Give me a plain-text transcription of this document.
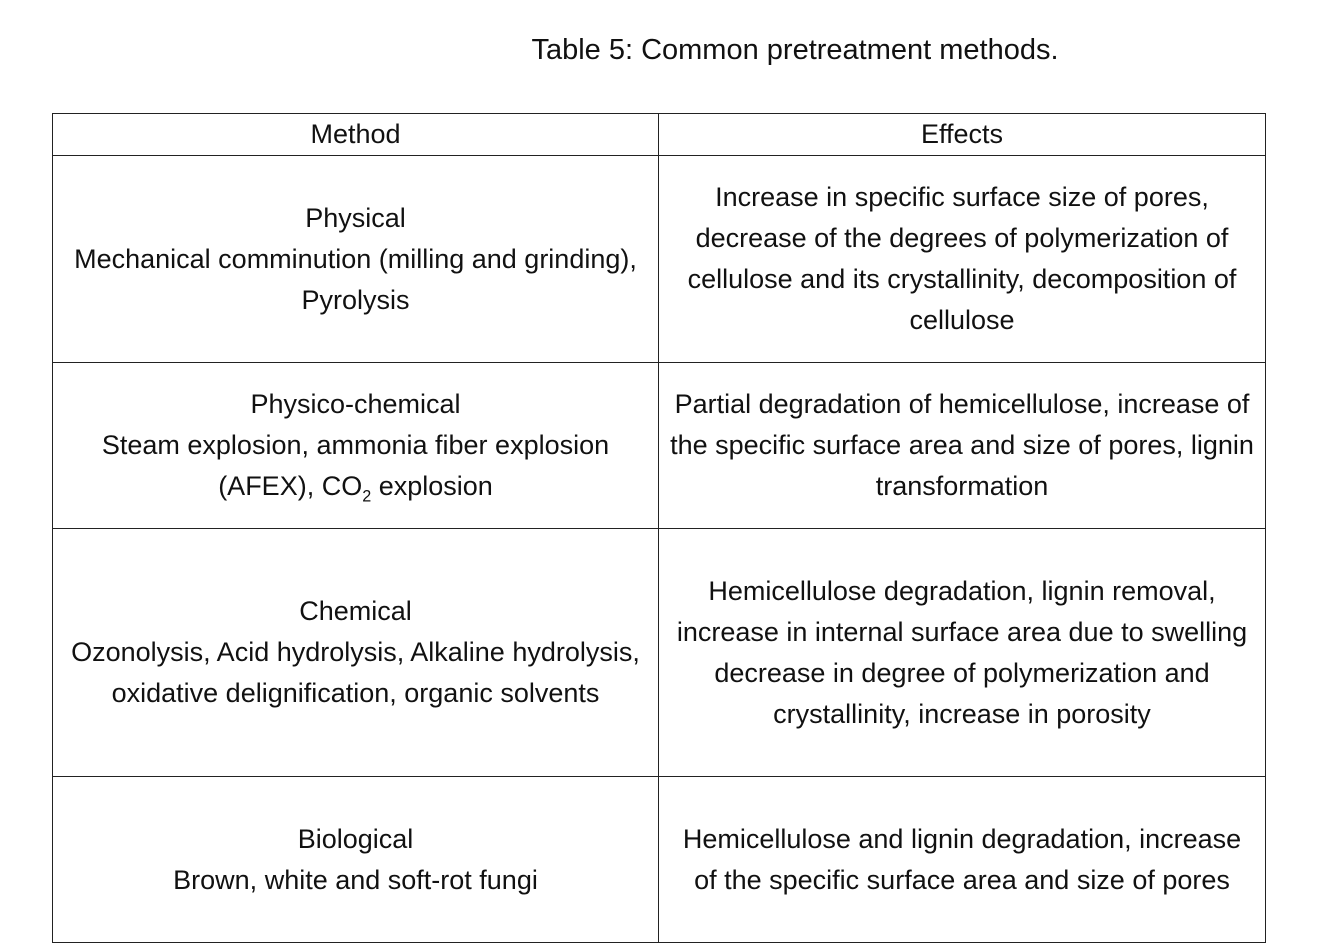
Table 5: Common pretreatment methods.
Method	Effects

Physical
Mechanical comminution (milling and grinding), Pyrolysis	Increase in specific surface size of pores, decrease of the degrees of polymerization of cellulose and its crystallinity, decomposition of cellulose

Physico-chemical
Steam explosion, ammonia fiber explosion (AFEX), $CO_2$ explosion	Partial degradation of hemicellulose, increase of the specific surface area and size of pores, lignin transformation

Chemical
Ozonolysis, Acid hydrolysis, Alkaline hydrolysis, oxidative delignification, organic solvents	Hemicellulose degradation, lignin removal, increase in internal surface area due to swelling decrease in degree of polymerization and crystallinity, increase in porosity

Biological
Brown, white and soft-rot fungi	Hemicellulose and lignin degradation, increase of the specific surface area and size of pores
